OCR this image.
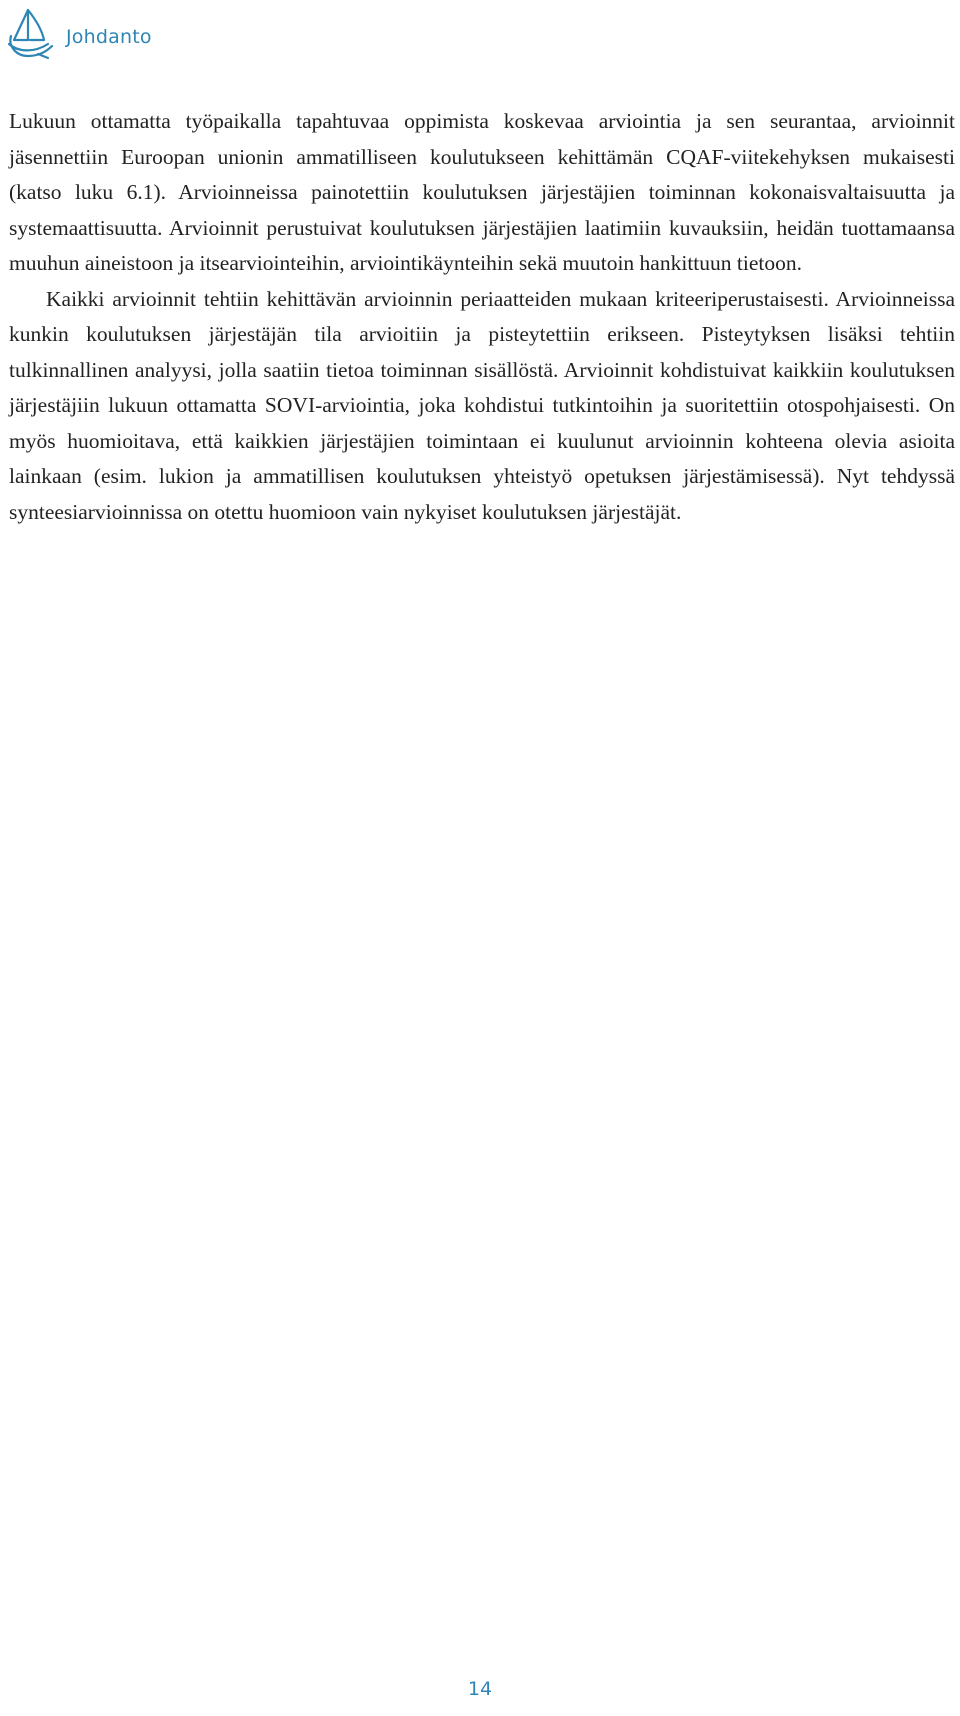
Johdanto

Lukuun ottamatta työpaikalla tapahtuvaa oppimista koskevaa arviointia ja sen seurantaa, arvioinnit jäsennettiin Euroopan unionin ammatilliseen koulutukseen kehittämän CQAF-viitekehyksen mukaisesti (katso luku 6.1). Arvioinneissa painotettiin koulutuksen järjestäjien toiminnan kokonaisvaltaisuutta ja systemaattisuutta. Arvioinnit perustuivat koulutuksen järjestäjien laatimiin kuvauksiin, heidän tuottamaansa muuhun aineistoon ja itsearviointeihin, arviointikäynteihin sekä muutoin hankittuun tietoon.

Kaikki arvioinnit tehtiin kehittävän arvioinnin periaatteiden mukaan kriteeriperustaisesti. Arvioinneissa kunkin koulutuksen järjestäjän tila arvioitiin ja pisteytettiin erikseen. Pisteytyksen lisäksi tehtiin tulkinnallinen analyysi, jolla saatiin tietoa toiminnan sisällöstä. Arvioinnit kohdistuivat kaikkiin koulutuksen järjestäjiin lukuun ottamatta SOVI-arviointia, joka kohdistui tutkintoihin ja suoritettiin otospohjaisesti. On myös huomioitava, että kaikkien järjestäjien toimintaan ei kuulunut arvioinnin kohteena olevia asioita lainkaan (esim. lukion ja ammatillisen koulutuksen yhteistyö opetuksen järjestämisessä). Nyt tehdyssä synteesiarvioinnissa on otettu huomioon vain nykyiset koulutuksen järjestäjät.

14
